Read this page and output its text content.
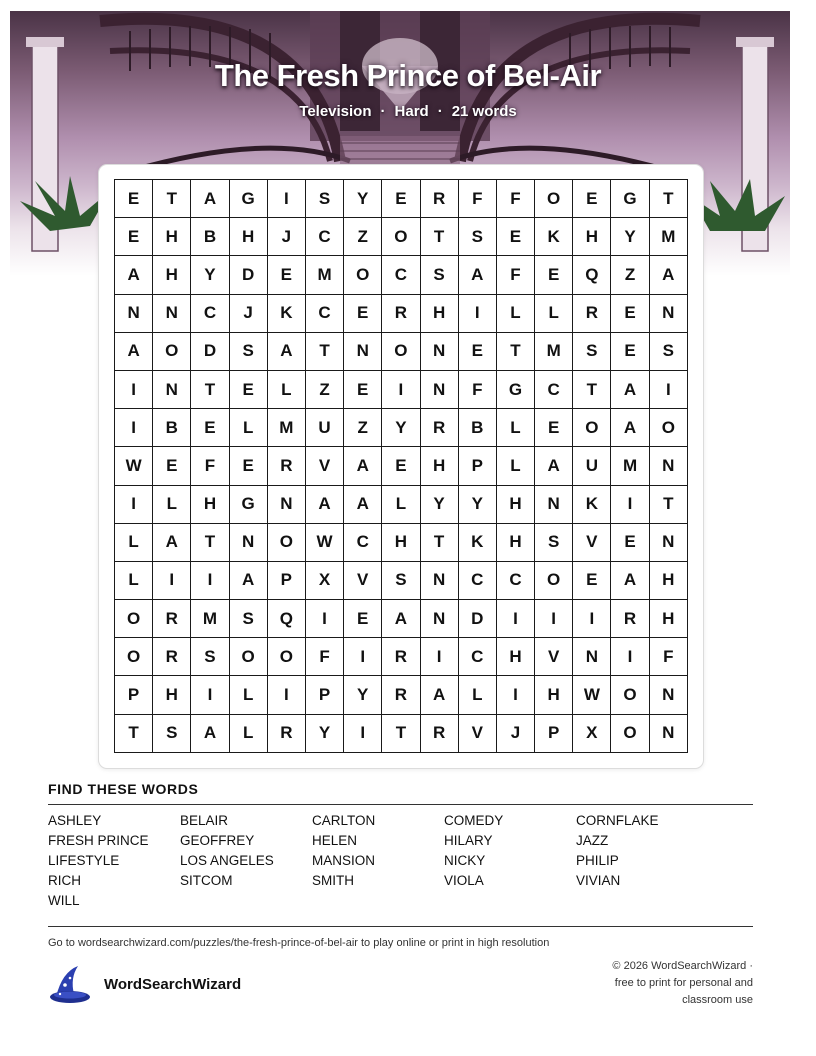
The Fresh Prince of Bel-Air
Television · Hard · 21 words
E	T	A	G	I	S	Y	E	R	F	F	O	E	G	T
E	H	B	H	J	C	Z	O	T	S	E	K	H	Y	M
A	H	Y	D	E	M	O	C	S	A	F	E	Q	Z	A
N	N	C	J	K	C	E	R	H	I	L	L	R	E	N
A	O	D	S	A	T	N	O	N	E	T	M	S	E	S
I	N	T	E	L	Z	E	I	N	F	G	C	T	A	I
I	B	E	L	M	U	Z	Y	R	B	L	E	O	A	O
W	E	F	E	R	V	A	E	H	P	L	A	U	M	N
I	L	H	G	N	A	A	L	Y	Y	H	N	K	I	T
L	A	T	N	O	W	C	H	T	K	H	S	V	E	N
L	I	I	A	P	X	V	S	N	C	C	O	E	A	H
O	R	M	S	Q	I	E	A	N	D	I	I	I	R	H
O	R	S	O	O	F	I	R	I	C	H	V	N	I	F
P	H	I	L	I	P	Y	R	A	L	I	H	W	O	N
T	S	A	L	R	Y	I	T	R	V	J	P	X	O	N
FIND THESE WORDS
ASHLEY	BELAIR	CARLTON	COMEDY	CORNFLAKE
FRESH PRINCE	GEOFFREY	HELEN	HILARY	JAZZ
LIFESTYLE	LOS ANGELES	MANSION	NICKY	PHILIP
RICH	SITCOM	SMITH	VIOLA	VIVIAN
WILL
Go to wordsearchwizard.com/puzzles/the-fresh-prince-of-bel-air to play online or print in high resolution
WordSearchWizard
© 2026 WordSearchWizard ·
free to print for personal and
classroom use
